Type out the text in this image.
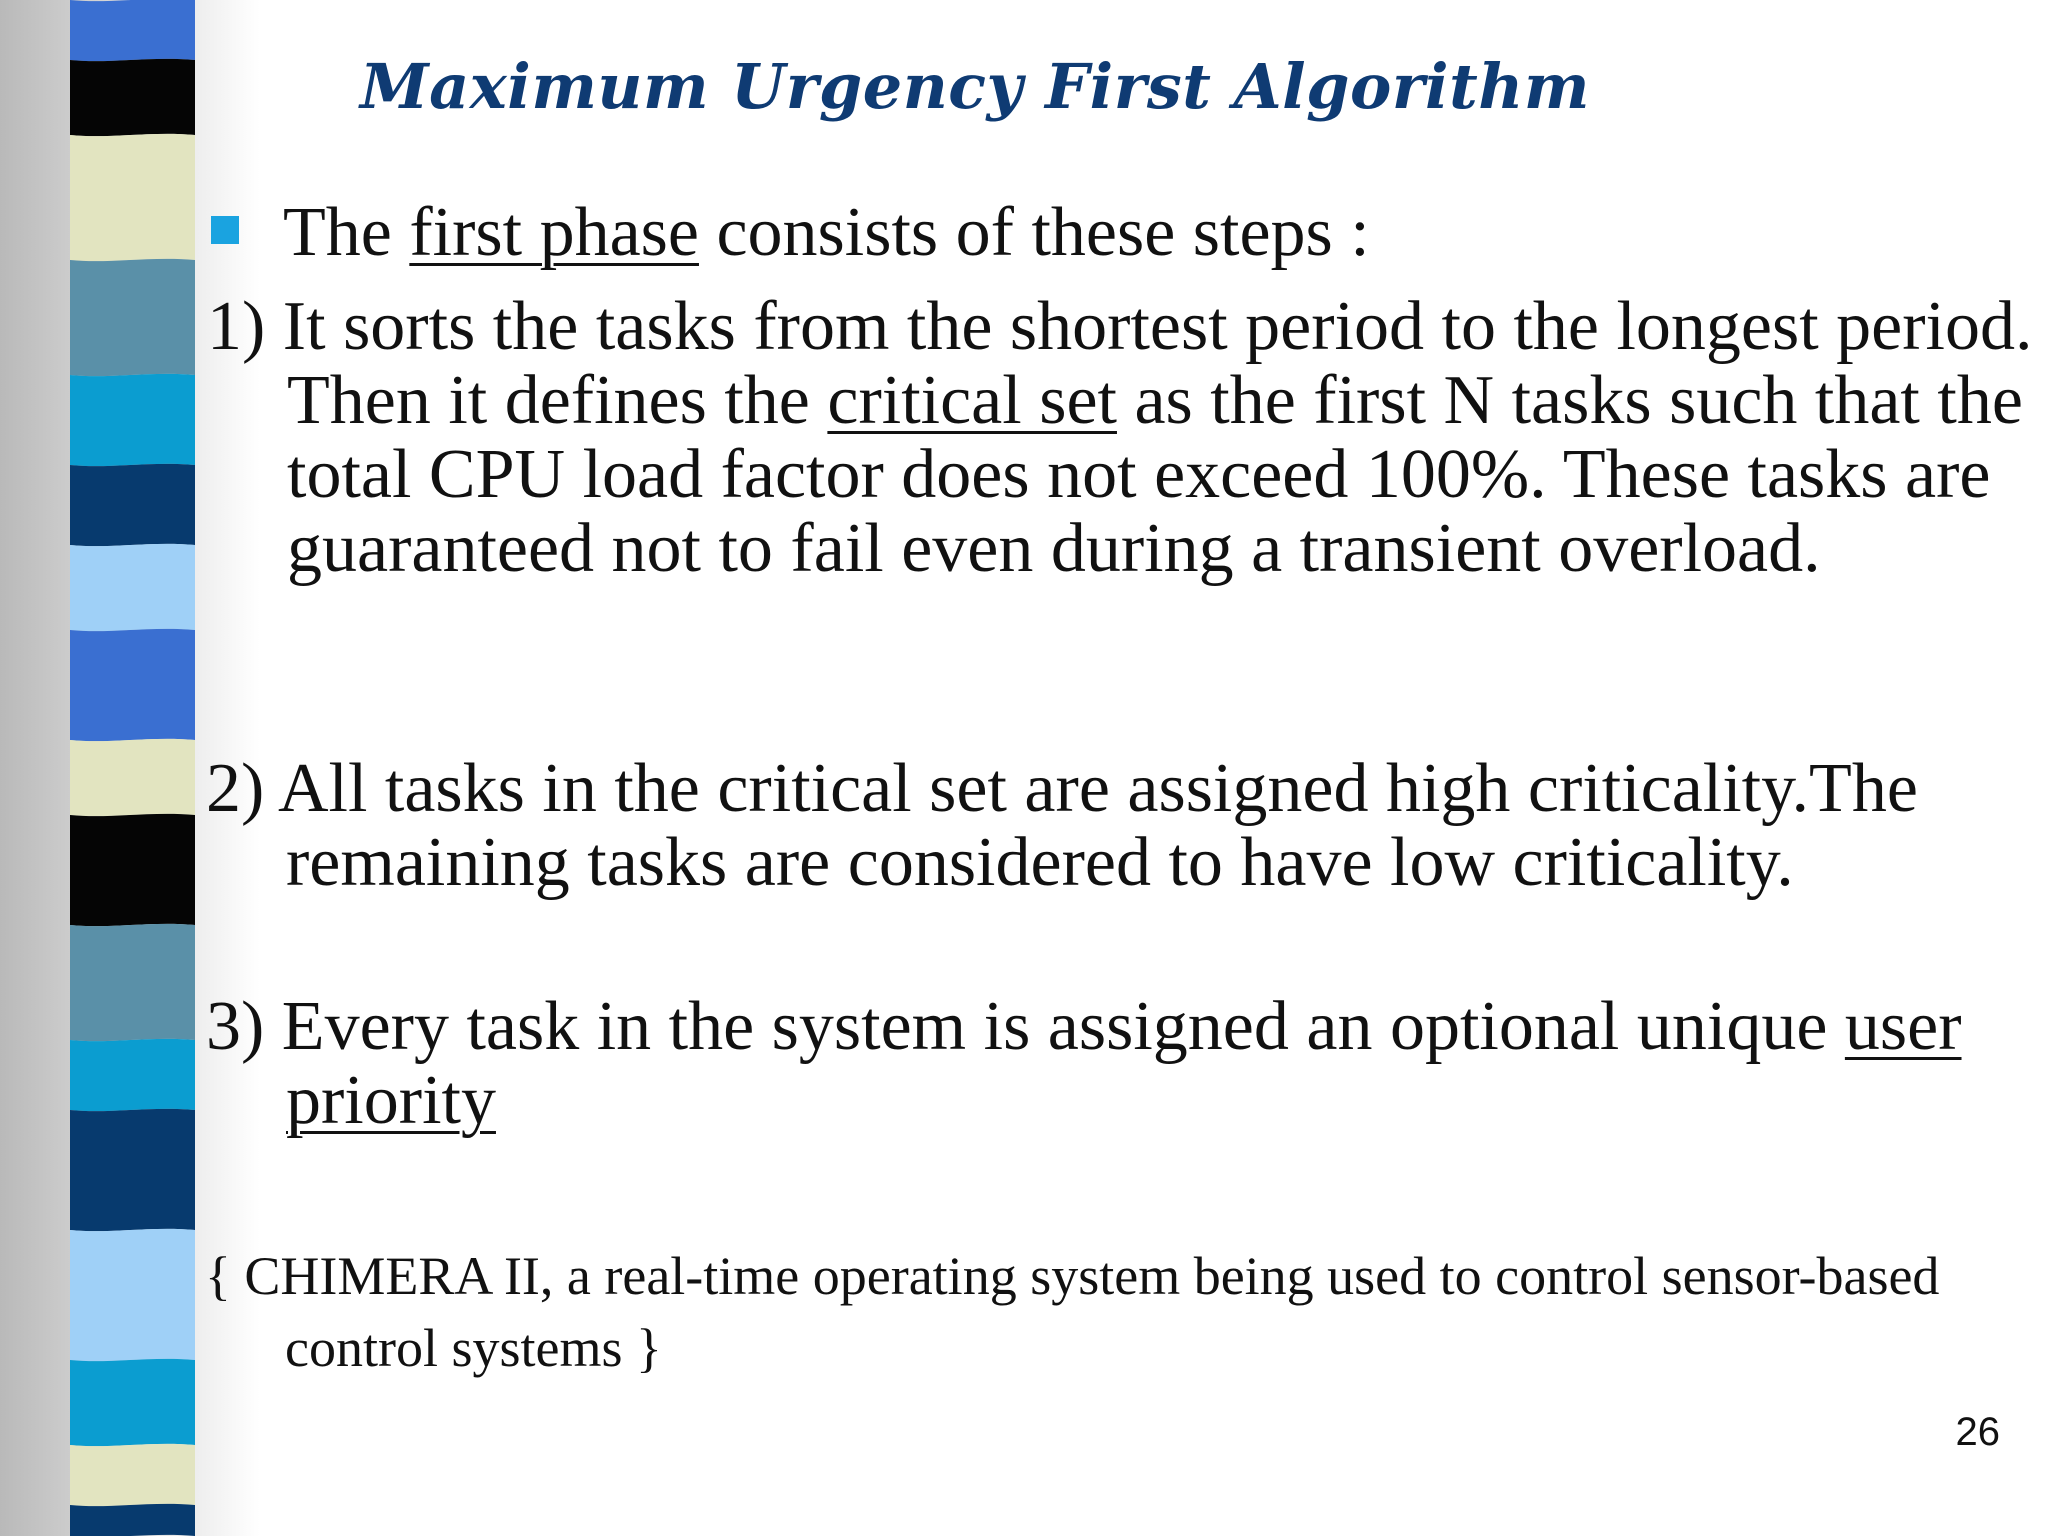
Maximum Urgency First Algorithm
The first phase consists of these steps :

1) It sorts the tasks from the shortest period to the longest period. Then it defines the critical set as the first N tasks such that the total CPU load factor does not exceed 100%. These tasks are guaranteed not to fail even during a transient overload.

2) All tasks in the critical set are assigned high criticality.The remaining tasks are considered to have low criticality.

3) Every task in the system is assigned an optional unique user priority

{ CHIMERA II, a real-time operating system being used to control sensor-based control systems }

26
